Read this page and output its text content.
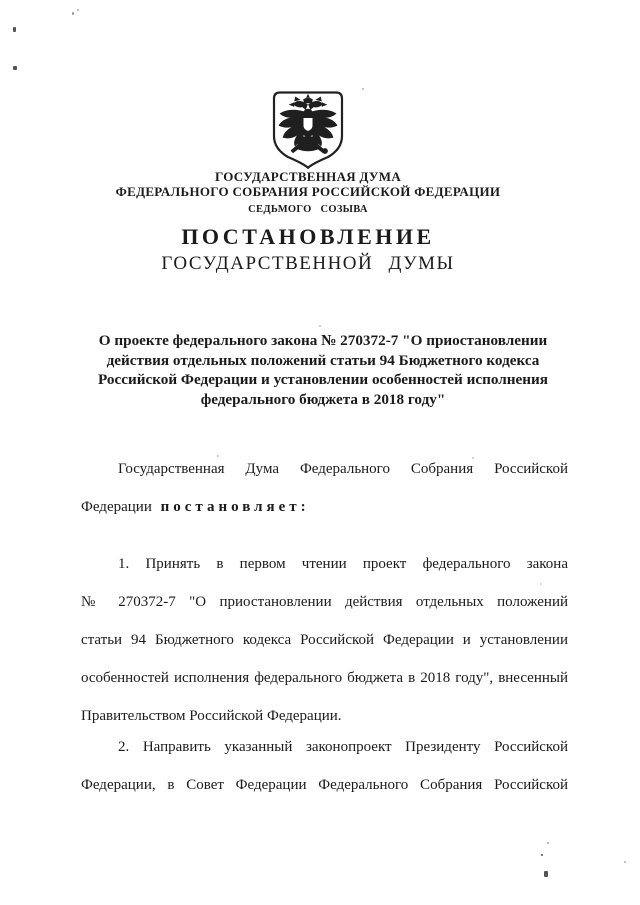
ГОСУДАРСТВЕННАЯ ДУМА
ФЕДЕРАЛЬНОГО СОБРАНИЯ РОССИЙСКОЙ ФЕДЕРАЦИИ
СЕДЬМОГО СОЗЫВА
ПОСТАНОВЛЕНИЕ
ГОСУДАРСТВЕННОЙ ДУМЫ
О проекте федерального закона № 270372-7 "О приостановлении
действия отдельных положений статьи 94 Бюджетного кодекса
Российской Федерации и установлении особенностей исполнения
федерального бюджета в 2018 году"
Государственная Дума Федерального Собрания Российской
Федерации постановляет:
1. Принять в первом чтении проект федерального закона
№ 270372-7 "О приостановлении действия отдельных положений
статьи 94 Бюджетного кодекса Российской Федерации и установлении
особенностей исполнения федерального бюджета в 2018 году", внесенный
Правительством Российской Федерации.
2. Направить указанный законопроект Президенту Российской
Федерации, в Совет Федерации Федерального Собрания Российской
